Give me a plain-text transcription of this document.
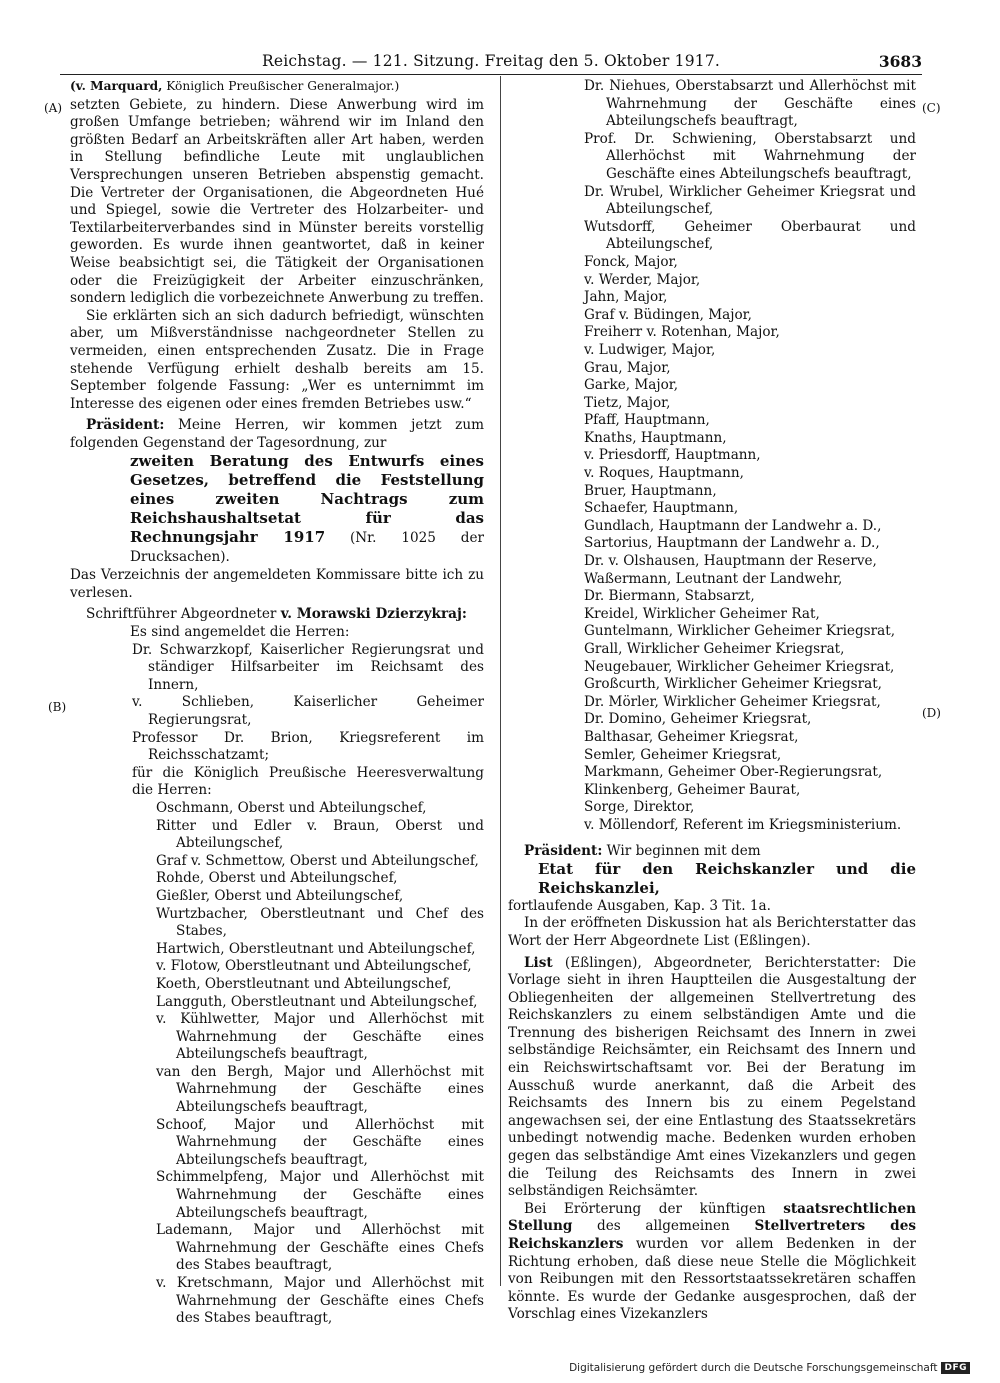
Reichstag. — 121. Sitzung. Freitag den 5. Oktober 1917.	3683
(A)
(B)
(C)
(D)

(v. Marquard, Königlich Preußischer Generalmajor.)

setzten Gebiete, zu hindern. Diese Anwerbung wird im großen Umfange betrieben; während wir im Inland den größten Bedarf an Arbeitskräften aller Art haben, werden in Stellung befindliche Leute mit unglaublichen Versprechungen unseren Betrieben abspenstig gemacht. Die Vertreter der Organisationen, die Abgeordneten Hué und Spiegel, sowie die Vertreter des Holzarbeiter- und Textilarbeiterverbandes sind in Münster bereits vorstellig geworden. Es wurde ihnen geantwortet, daß in keiner Weise beabsichtigt sei, die Tätigkeit der Organisationen oder die Freizügigkeit der Arbeiter einzuschränken, sondern lediglich die vorbezeichnete Anwerbung zu treffen.

Sie erklärten sich an sich dadurch befriedigt, wünschten aber, um Mißverständnisse nachgeordneter Stellen zu vermeiden, einen entsprechenden Zusatz. Die in Frage stehende Verfügung erhielt deshalb bereits am 15. September folgende Fassung: „Wer es unternimmt im Interesse des eigenen oder eines fremden Betriebes usw.“

Präsident: Meine Herren, wir kommen jetzt zum folgenden Gegenstand der Tagesordnung, zur

zweiten Beratung des Entwurfs eines Gesetzes, betreffend die Feststellung eines zweiten Nachtrags zum Reichshaushaltsetat für das Rechnungsjahr 1917 (Nr. 1025 der Drucksachen).

Das Verzeichnis der angemeldeten Kommissare bitte ich zu verlesen.

Schriftführer Abgeordneter v. Morawski Dzierzykraj:

Es sind angemeldet die Herren:

Dr. Schwarzkopf, Kaiserlicher Regierungsrat und ständiger Hilfsarbeiter im Reichsamt des Innern,

v. Schlieben, Kaiserlicher Geheimer Regierungsrat,

Professor Dr. Brion, Kriegsreferent im Reichsschatzamt;

für die Königlich Preußische Heeresverwaltung die Herren:

Oschmann, Oberst und Abteilungschef,

Ritter und Edler v. Braun, Oberst und Abteilungschef,

Graf v. Schmettow, Oberst und Abteilungschef,

Rohde, Oberst und Abteilungschef,

Gießler, Oberst und Abteilungschef,

Wurtzbacher, Oberstleutnant und Chef des Stabes,

Hartwich, Oberstleutnant und Abteilungschef,

v. Flotow, Oberstleutnant und Abteilungschef,

Koeth, Oberstleutnant und Abteilungschef,

Langguth, Oberstleutnant und Abteilungschef,

v. Kühlwetter, Major und Allerhöchst mit Wahrnehmung der Geschäfte eines Abteilungschefs beauftragt,

van den Bergh, Major und Allerhöchst mit Wahrnehmung der Geschäfte eines Abteilungschefs beauftragt,

Schoof, Major und Allerhöchst mit Wahrnehmung der Geschäfte eines Abteilungschefs beauftragt,

Schimmelpfeng, Major und Allerhöchst mit Wahrnehmung der Geschäfte eines Abteilungschefs beauftragt,

Lademann, Major und Allerhöchst mit Wahrnehmung der Geschäfte eines Chefs des Stabes beauftragt,

v. Kretschmann, Major und Allerhöchst mit Wahrnehmung der Geschäfte eines Chefs des Stabes beauftragt,

Dr. Niehues, Oberstabsarzt und Allerhöchst mit Wahrnehmung der Geschäfte eines Abteilungschefs beauftragt,

Prof. Dr. Schwiening, Oberstabsarzt und Allerhöchst mit Wahrnehmung der Geschäfte eines Abteilungschefs beauftragt,

Dr. Wrubel, Wirklicher Geheimer Kriegsrat und Abteilungschef,

Wutsdorff, Geheimer Oberbaurat und Abteilungschef,

Fonck, Major,

v. Werder, Major,

Jahn, Major,

Graf v. Büdingen, Major,

Freiherr v. Rotenhan, Major,

v. Ludwiger, Major,

Grau, Major,

Garke, Major,

Tietz, Major,

Pfaff, Hauptmann,

Knaths, Hauptmann,

v. Priesdorff, Hauptmann,

v. Roques, Hauptmann,

Bruer, Hauptmann,

Schaefer, Hauptmann,

Gundlach, Hauptmann der Landwehr a. D.,

Sartorius, Hauptmann der Landwehr a. D.,

Dr. v. Olshausen, Hauptmann der Reserve,

Waßermann, Leutnant der Landwehr,

Dr. Biermann, Stabsarzt,

Kreidel, Wirklicher Geheimer Rat,

Guntelmann, Wirklicher Geheimer Kriegsrat,

Grall, Wirklicher Geheimer Kriegsrat,

Neugebauer, Wirklicher Geheimer Kriegsrat,

Großcurth, Wirklicher Geheimer Kriegsrat,

Dr. Mörler, Wirklicher Geheimer Kriegsrat,

Dr. Domino, Geheimer Kriegsrat,

Balthasar, Geheimer Kriegsrat,

Semler, Geheimer Kriegsrat,

Markmann, Geheimer Ober-Regierungsrat,

Klinkenberg, Geheimer Baurat,

Sorge, Direktor,

v. Möllendorf, Referent im Kriegsministerium.

Präsident: Wir beginnen mit dem

Etat für den Reichskanzler und die Reichskanzlei,

fortlaufende Ausgaben, Kap. 3 Tit. 1a.

In der eröffneten Diskussion hat als Berichterstatter das Wort der Herr Abgeordnete List (Eßlingen).

List (Eßlingen), Abgeordneter, Berichterstatter: Die Vorlage sieht in ihren Hauptteilen die Ausgestaltung der Obliegenheiten der allgemeinen Stellvertretung des Reichskanzlers zu einem selbständigen Amte und die Trennung des bisherigen Reichsamt des Innern in zwei selbständige Reichsämter, ein Reichsamt des Innern und ein Reichswirtschaftsamt vor. Bei der Beratung im Ausschuß wurde anerkannt, daß die Arbeit des Reichsamts des Innern bis zu einem Pegelstand angewachsen sei, der eine Entlastung des Staatssekretärs unbedingt notwendig mache. Bedenken wurden erhoben gegen das selbständige Amt eines Vizekanzlers und gegen die Teilung des Reichsamts des Innern in zwei selbständigen Reichsämter.

Bei Erörterung der künftigen staatsrechtlichen Stellung des allgemeinen Stellvertreters des Reichskanzlers wurden vor allem Bedenken in der Richtung erhoben, daß diese neue Stelle die Möglichkeit von Reibungen mit den Ressortstaatssekretären schaffen könnte. Es wurde der Gedanke ausgesprochen, daß der Vorschlag eines Vizekanzlers

Digitalisierung gefördert durch die Deutsche Forschungsgemeinschaft DFG
